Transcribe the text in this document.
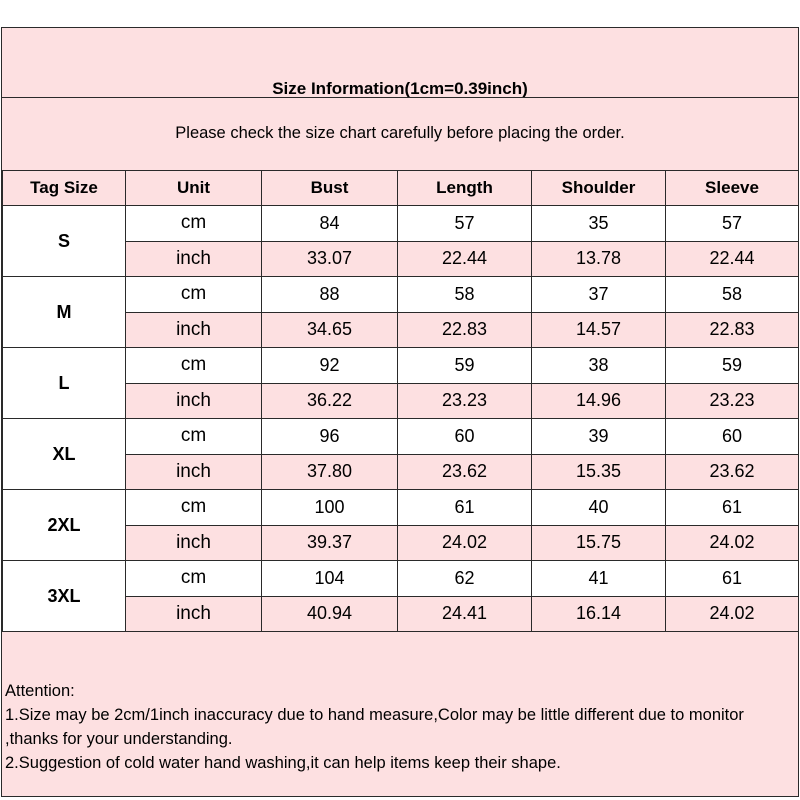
Size Information(1cm=0.39inch)
Please check the size chart carefully before placing the order.
Tag Size	Unit	Bust	Length	Shoulder	Sleeve
S	cm	84	57	35	57
	inch	33.07	22.44	13.78	22.44
M	cm	88	58	37	58
	inch	34.65	22.83	14.57	22.83
L	cm	92	59	38	59
	inch	36.22	23.23	14.96	23.23
XL	cm	96	60	39	60
	inch	37.80	23.62	15.35	23.62
2XL	cm	100	61	40	61
	inch	39.37	24.02	15.75	24.02
3XL	cm	104	62	41	61
	inch	40.94	24.41	16.14	24.02
Attention:
1.Size may be 2cm/1inch inaccuracy due to hand measure,Color may be little different due to monitor ,thanks for your understanding.
2.Suggestion of cold water hand washing,it can help items keep their shape.
